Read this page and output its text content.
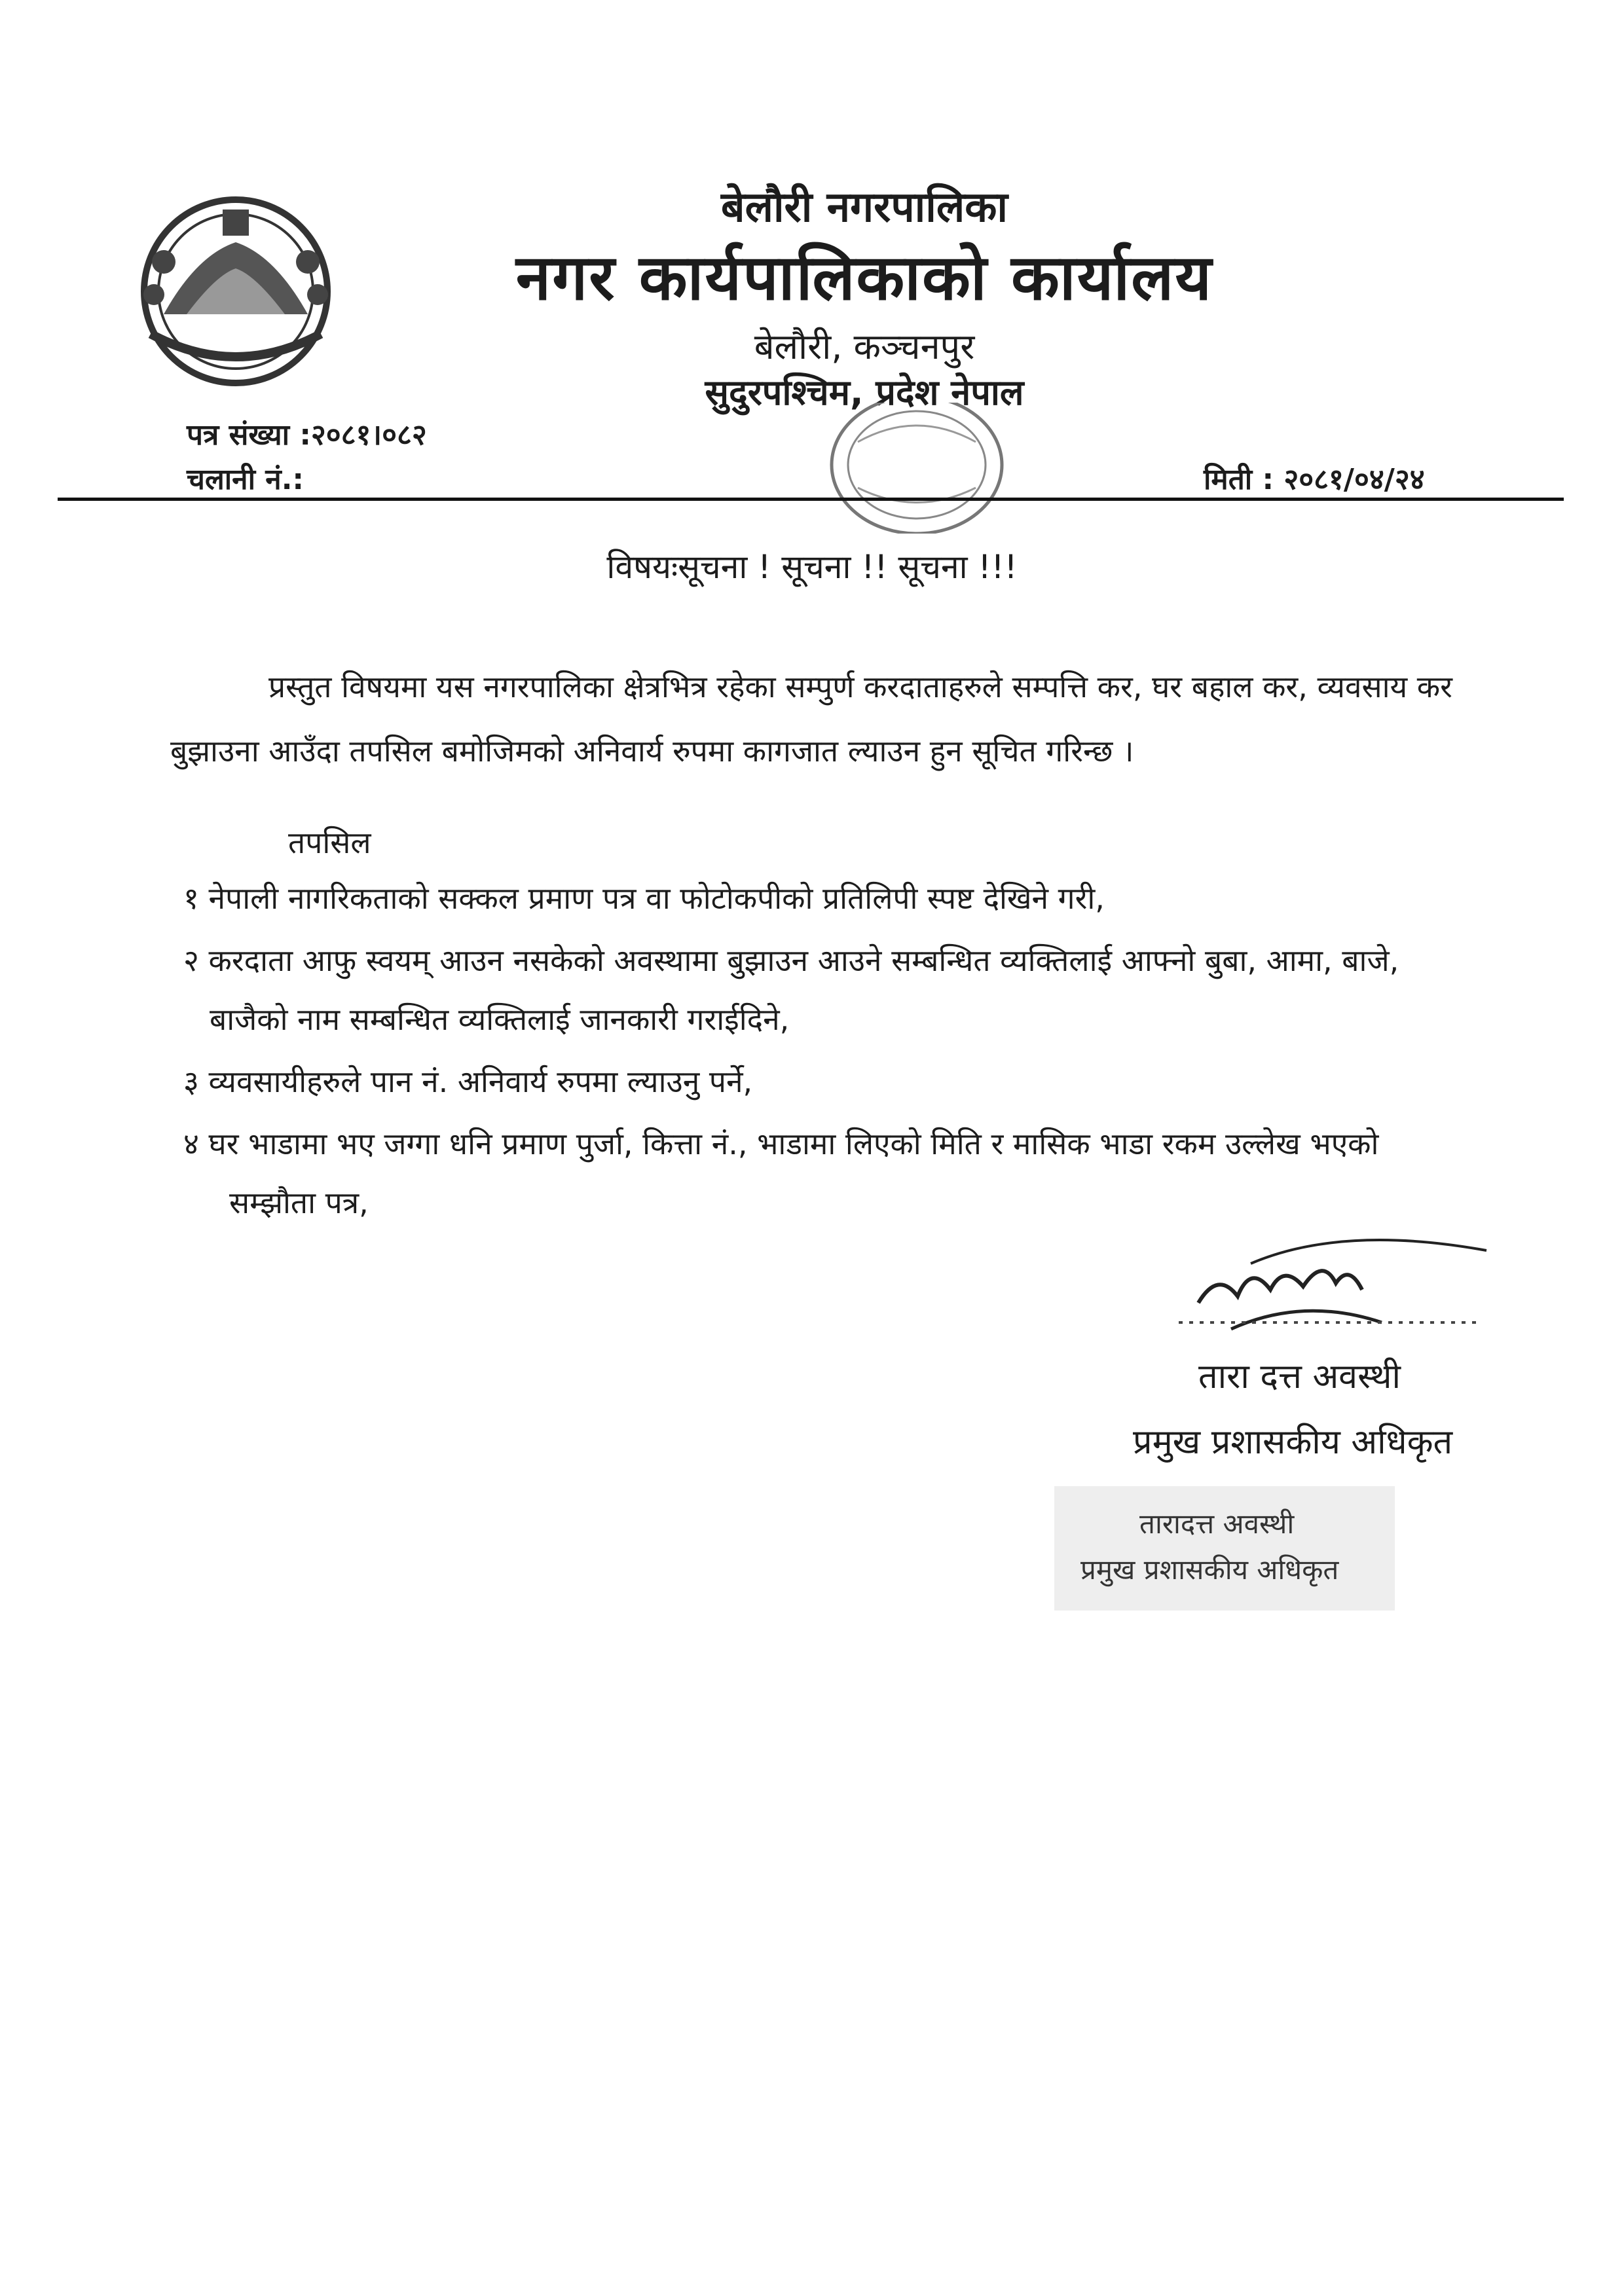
बेलौरी नगरपालिका
नगर कार्यपालिकाको कार्यालय
बेलौरी, कञ्चनपुर
सुदुरपश्चिम, प्रदेश नेपाल
पत्र संख्या :२०८१।०८२
चलानी नं.:	मिती : २०८१/०४/२४
विषयःसूचना ! सूचना !! सूचना !!!
प्रस्तुत विषयमा यस नगरपालिका क्षेत्रभित्र रहेका सम्पुर्ण करदाताहरुले सम्पत्ति कर, घर बहाल कर, व्यवसाय कर
बुझाउना आउँदा तपसिल बमोजिमको अनिवार्य रुपमा कागजात ल्याउन हुन सूचित गरिन्छ ।
तपसिल
१ नेपाली नागरिकताको सक्कल प्रमाण पत्र वा फोटोकपीको प्रतिलिपी स्पष्ट देखिने गरी,
२ करदाता आफु स्वयम् आउन नसकेको अवस्थामा बुझाउन आउने सम्बन्धित व्यक्तिलाई आफ्नो बुबा, आमा, बाजे,
बाजैको नाम सम्बन्धित व्यक्तिलाई जानकारी गराईदिने,
३ व्यवसायीहरुले पान नं. अनिवार्य रुपमा ल्याउनु पर्ने,
४ घर भाडामा भए जग्गा धनि प्रमाण पुर्जा, कित्ता नं., भाडामा लिएको मिति र मासिक भाडा रकम उल्लेख भएको
सम्झौता पत्र,
तारा दत्त अवस्थी
प्रमुख प्रशासकीय अधिकृत
तारादत्त अवस्थी
प्रमुख प्रशासकीय अधिकृत
